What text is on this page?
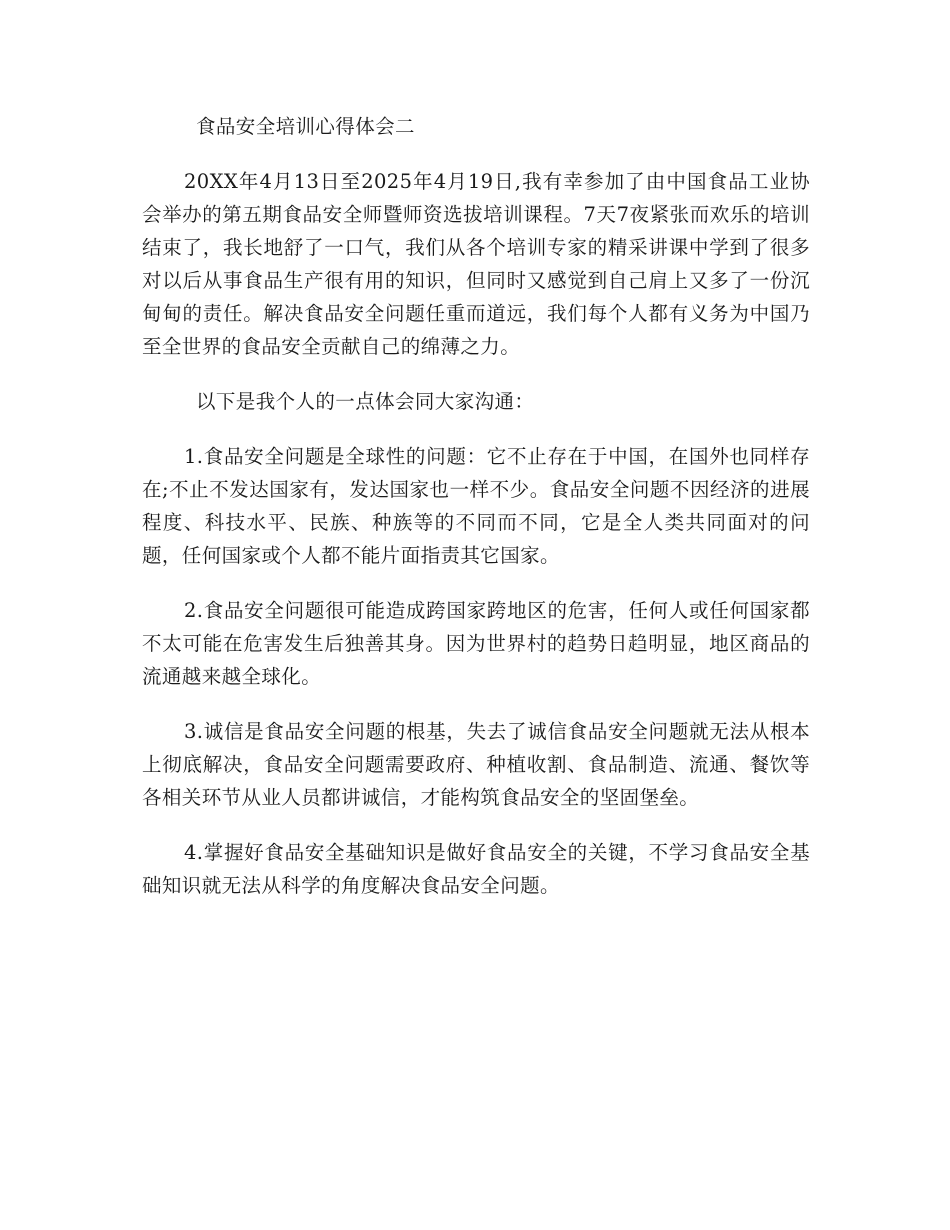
食品安全培训心得体会二

20XX年4月13日至2025年4月19日,我有幸参加了由中国食品工业协会举办的第五期食品安全师暨师资选拔培训课程。7天7夜紧张而欢乐的培训结束了，我长地舒了一口气，我们从各个培训专家的精采讲课中学到了很多对以后从事食品生产很有用的知识，但同时又感觉到自己肩上又多了一份沉甸甸的责任。解决食品安全问题任重而道远，我们每个人都有义务为中国乃至全世界的食品安全贡献自己的绵薄之力。

以下是我个人的一点体会同大家沟通：

1.食品安全问题是全球性的问题：它不止存在于中国，在国外也同样存在;不止不发达国家有，发达国家也一样不少。食品安全问题不因经济的进展程度、科技水平、民族、种族等的不同而不同，它是全人类共同面对的问题，任何国家或个人都不能片面指责其它国家。

2.食品安全问题很可能造成跨国家跨地区的危害，任何人或任何国家都不太可能在危害发生后独善其身。因为世界村的趋势日趋明显，地区商品的流通越来越全球化。

3.诚信是食品安全问题的根基，失去了诚信食品安全问题就无法从根本上彻底解决，食品安全问题需要政府、种植收割、食品制造、流通、餐饮等各相关环节从业人员都讲诚信，才能构筑食品安全的坚固堡垒。

4.掌握好食品安全基础知识是做好食品安全的关键，不学习食品安全基础知识就无法从科学的角度解决食品安全问题。
